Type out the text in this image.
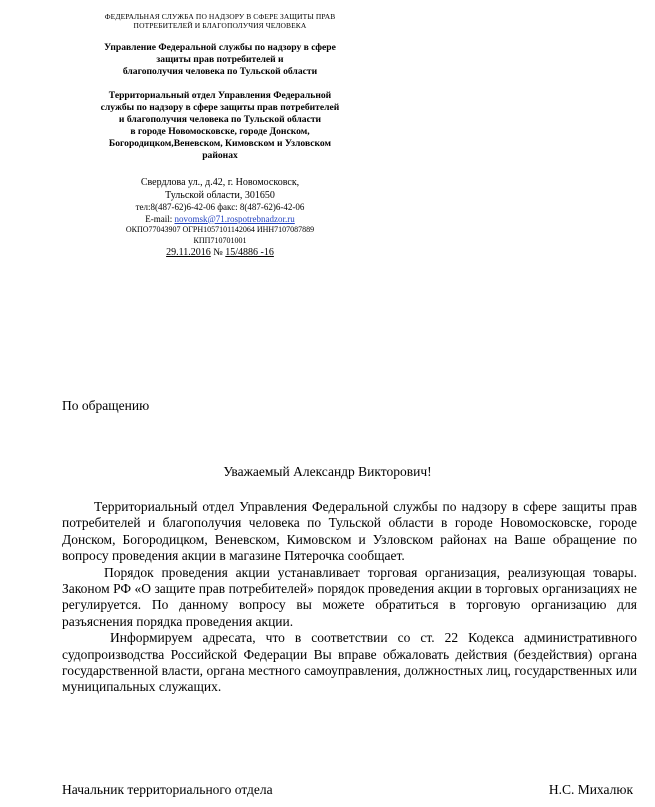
ФЕДЕРАЛЬНАЯ СЛУЖБА ПО НАДЗОРУ В СФЕРЕ ЗАЩИТЫ ПРАВ
ПОТРЕБИТЕЛЕЙ И БЛАГОПОЛУЧИЯ ЧЕЛОВЕКА
Управление Федеральной службы по надзору в сфере
защиты прав потребителей и
благополучия человека по Тульской области
Территориальный отдел Управления Федеральной
службы по надзору в сфере защиты прав потребителей
и благополучия человека по Тульской области
в городе Новомосковске, городе Донском,
Богородицком,Веневском, Кимовском и Узловском
районах
Свердлова ул., д.42, г. Новомосковск,
Тульской области, 301650
тел:8(487-62)6-42-06 факс: 8(487-62)6-42-06
E-mail: novomsk@71.rospotrebnadzor.ru
ОКПО77043907 ОГРН1057101142064 ИНН7107087889
КПП710701001
29.11.2016 № 15/4886 -16
По обращению
Уважаемый Александр Викторович!

Территориальный отдел Управления Федеральной службы по надзору в сфере защиты прав потребителей и благополучия человека по Тульской области в городе Новомосковске, городе Донском, Богородицком, Веневском, Кимовском и Узловском районах на Ваше обращение по вопросу проведения акции в магазине Пятерочка сообщает.

Порядок проведения акции устанавливает торговая организация, реализующая товары. Законом РФ «О защите прав потребителей» порядок проведения акции в торговых организациях не регулируется. По данному вопросу вы можете обратиться в торговую организацию для разъяснения порядка проведения акции.

Информируем адресата, что в соответствии со ст. 22 Кодекса административного судопроизводства Российской Федерации Вы вправе обжаловать действия (бездействия) органа государственной власти, органа местного самоуправления, должностных лиц, государственных или муниципальных служащих.

Начальник территориального отдела	Н.С. Михалюк
